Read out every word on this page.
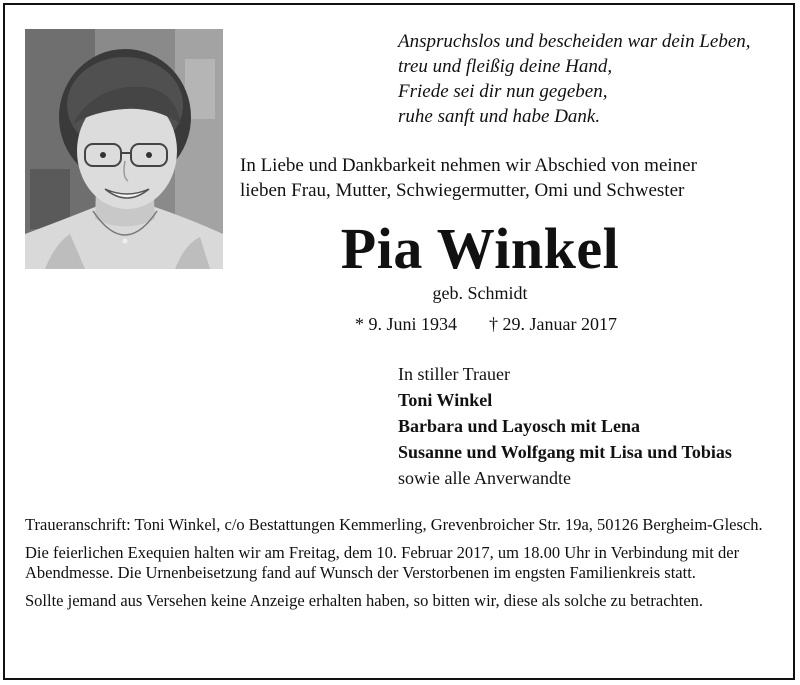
Anspruchslos und bescheiden war dein Leben,
treu und fleißig deine Hand,
Friede sei dir nun gegeben,
ruhe sanft und habe Dank.
In Liebe und Dankbarkeit nehmen wir Abschied von meiner
lieben Frau, Mutter, Schwiegermutter, Omi und Schwester
Pia Winkel
geb. Schmidt
* 9. Juni 1934 † 29. Januar 2017
In stiller Trauer
Toni Winkel
Barbara und Layosch mit Lena
Susanne und Wolfgang mit Lisa und Tobias
sowie alle Anverwandte

Traueranschrift: Toni Winkel, c/o Bestattungen Kemmerling, Grevenbroicher Str. 19a, 50126 Bergheim-Glesch.

Die feierlichen Exequien halten wir am Freitag, dem 10. Februar 2017, um 18.00 Uhr in Verbindung mit der Abendmesse. Die Urnenbeisetzung fand auf Wunsch der Verstorbenen im engsten Familienkreis statt.

Sollte jemand aus Versehen keine Anzeige erhalten haben, so bitten wir, diese als solche zu betrachten.
